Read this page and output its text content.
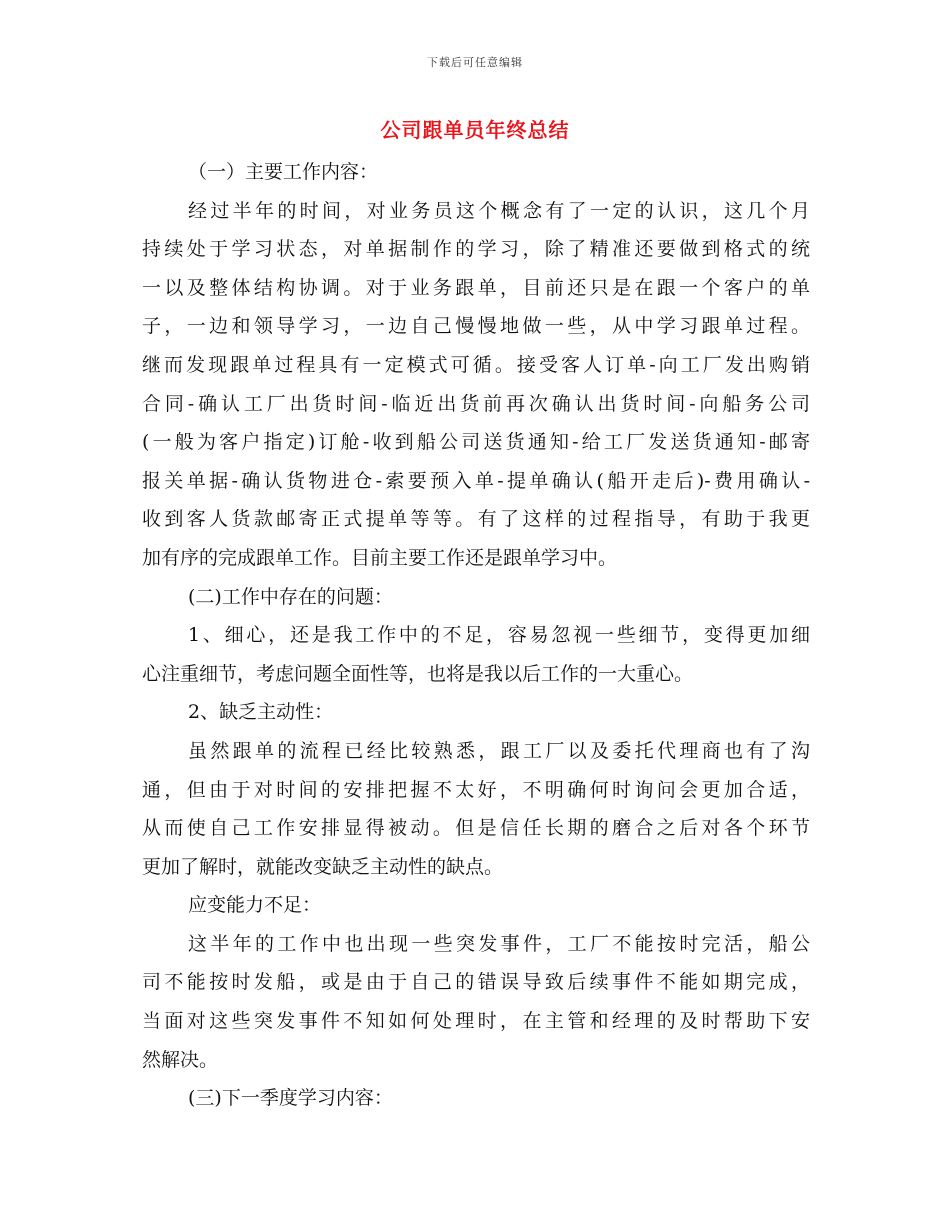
下载后可任意编辑
公司跟单员年终总结
（一）主要工作内容：
经过半年的时间，对业务员这个概念有了一定的认识，这几个月
持续处于学习状态，对单据制作的学习，除了精准还要做到格式的统
一以及整体结构协调。对于业务跟单，目前还只是在跟一个客户的单
子，一边和领导学习，一边自己慢慢地做一些，从中学习跟单过程。
继而发现跟单过程具有一定模式可循。接受客人订单-向工厂发出购销
合同-确认工厂出货时间-临近出货前再次确认出货时间-向船务公司
(一般为客户指定)订舱-收到船公司送货通知-给工厂发送货通知-邮寄
报关单据-确认货物进仓-索要预入单-提单确认(船开走后)-费用确认-
收到客人货款邮寄正式提单等等。有了这样的过程指导，有助于我更
加有序的完成跟单工作。目前主要工作还是跟单学习中。
(二)工作中存在的问题：
1、细心，还是我工作中的不足，容易忽视一些细节，变得更加细
心注重细节，考虑问题全面性等，也将是我以后工作的一大重心。
2、缺乏主动性：
虽然跟单的流程已经比较熟悉，跟工厂以及委托代理商也有了沟
通，但由于对时间的安排把握不太好，不明确何时询问会更加合适，
从而使自己工作安排显得被动。但是信任长期的磨合之后对各个环节
更加了解时，就能改变缺乏主动性的缺点。
应变能力不足：
这半年的工作中也出现一些突发事件，工厂不能按时完活，船公
司不能按时发船，或是由于自己的错误导致后续事件不能如期完成，
当面对这些突发事件不知如何处理时，在主管和经理的及时帮助下安
然解决。
(三)下一季度学习内容：
